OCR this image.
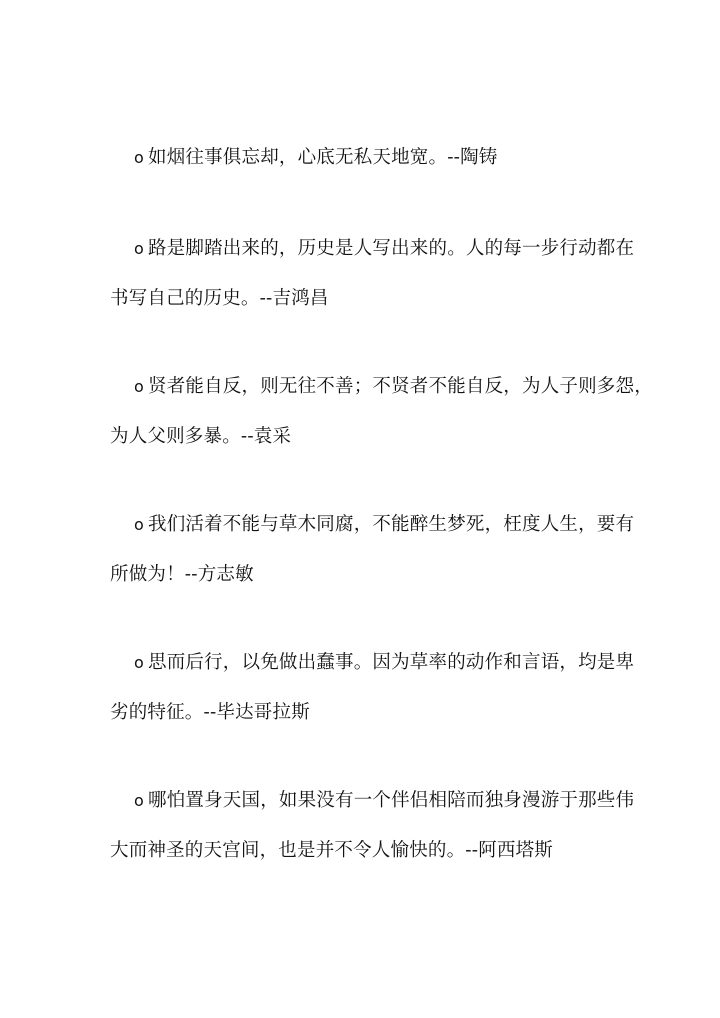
o 如烟往事俱忘却，心底无私天地宽。--陶铸

o 路是脚踏出来的，历史是人写出来的。人的每一步行动都在
书写自己的历史。--吉鸿昌

o 贤者能自反，则无往不善；不贤者不能自反，为人子则多怨，
为人父则多暴。--袁采

o 我们活着不能与草木同腐，不能醉生梦死，枉度人生，要有
所做为！--方志敏

o 思而后行，以免做出蠢事。因为草率的动作和言语，均是卑
劣的特征。--毕达哥拉斯

o 哪怕置身天国，如果没有一个伴侣相陪而独身漫游于那些伟
大而神圣的天宫间，也是并不令人愉快的。--阿西塔斯
